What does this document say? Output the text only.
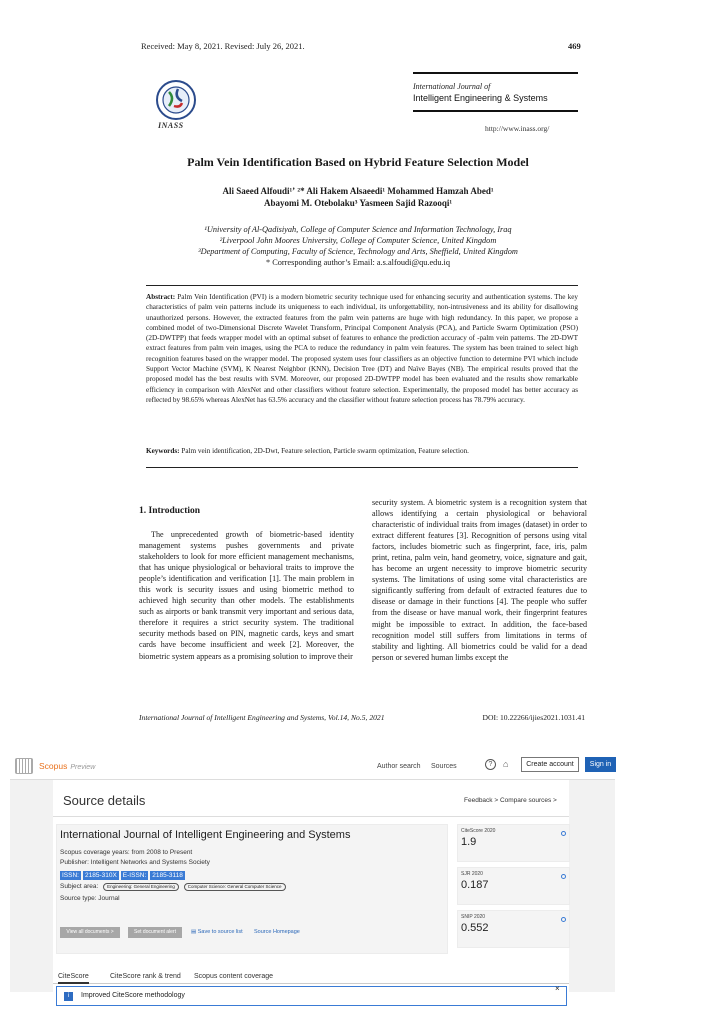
Received: May 8, 2021. Revised: July 26, 2021.	469
INASS
International Journal of
Intelligent Engineering & Systems
http://www.inass.org/
Palm Vein Identification Based on Hybrid Feature Selection Model
Ali Saeed Alfoudi¹ʼ ²* Ali Hakem Alsaeedi¹ Mohammed Hamzah Abed¹
Abayomi M. Otebolaku³ Yasmeen Sajid Razooqi¹
¹University of Al-Qadisiyah, College of Computer Science and Information Technology, Iraq
²Liverpool John Moores University, College of Computer Science, United Kingdom
³Department of Computing, Faculty of Science, Technology and Arts, Sheffield, United Kingdom
* Corresponding author’s Email: a.s.alfoudi@qu.edu.iq
Abstract: Palm Vein Identification (PVI) is a modern biometric security technique used for enhancing security and authentication systems. The key characteristics of palm vein patterns include its uniqueness to each individual, its unforgettability, non-intrusiveness and its ability for disallowing unauthorized persons. However, the extracted features from the palm vein patterns are huge with high redundancy. In this paper, we propose a combined model of two-Dimensional Discrete Wavelet Transform, Principal Component Analysis (PCA), and Particle Swarm Optimization (PSO) (2D-DWTPP) that feeds wrapper model with an optimal subset of features to enhance the prediction accuracy of -palm vein patterns. The 2D-DWT extract features from palm vein images, using the PCA to reduce the redundancy in palm vein features. The system has been trained to select high recognition features based on the wrapper model. The proposed system uses four classifiers as an objective function to determine PVI which include Support Vector Machine (SVM), K Nearest Neighbor (KNN), Decision Tree (DT) and Naïve Bayes (NB). The empirical results proved that the proposed model has the best results with SVM. Moreover, our proposed 2D-DWTPP model has been evaluated and the results show remarkable efficiency in comparison with AlexNet and other classifiers without feature selection. Experimentally, the proposed model has better accuracy as reflected by 98.65% whereas AlexNet has 63.5% accuracy and the classifier without feature selection process has 78.79% accuracy.
Keywords: Palm vein identification, 2D-Dwt, Feature selection, Particle swarm optimization, Feature selection.
1. Introduction
The unprecedented growth of biometric-based identity management systems pushes governments and private stakeholders to look for more efficient management mechanisms, that has unique physiological or behavioral traits to improve the people’s identification and verification [1]. The main problem in this work is security issues and using biometric method to achieved high security than other models. The establishments such as airports or bank transmit very important and serious data, therefore it requires a strict security system. The traditional security methods based on PIN, magnetic cards, keys and smart cards have become insufficient and week [2]. Moreover, the biometric system appears as a promising solution to improve their
security system. A biometric system is a recognition system that allows identifying a certain physiological or behavioral characteristic of individual traits from images (dataset) in order to extract different features [3]. Recognition of persons using vital factors, includes biometric such as fingerprint, face, iris, palm print, retina, palm vein, hand geometry, voice, signature and gait, has become an urgent necessity to improve biometric security systems. The limitations of using some vital characteristics are significantly suffering from default of extracted features due to disease or damage in their functions [4]. The people who suffer from the disease or have manual work, their fingerprint features might be impossible to extract. In addition, the face-based recognition model still suffers from limitations in terms of stability and lighting. All biometrics could be valid for a dead person or severed human limbs except the
International Journal of Intelligent Engineering and Systems, Vol.14, No.5, 2021	DOI: 10.22266/ijies2021.1031.41
Scopus Preview	Author search Sources	?	⌂	Create account	Sign in
Source details	Feedback > Compare sources >
International Journal of Intelligent Engineering and Systems
Scopus coverage years: from 2008 to Present
Publisher: Intelligent Networks and Systems Society
ISSN: 2185-310X E-ISSN: 2185-3118
Subject area: Engineering: General Engineering	Computer Science: General Computer Science
Source type: Journal
View all documents >	Set document alert	▤ Save to source list Source Homepage
CiteScore 2020
1.9
SJR 2020
0.187
SNIP 2020
0.552
CiteScore	CiteScore rank & trend Scopus content coverage
i	Improved CiteScore methodology
×
